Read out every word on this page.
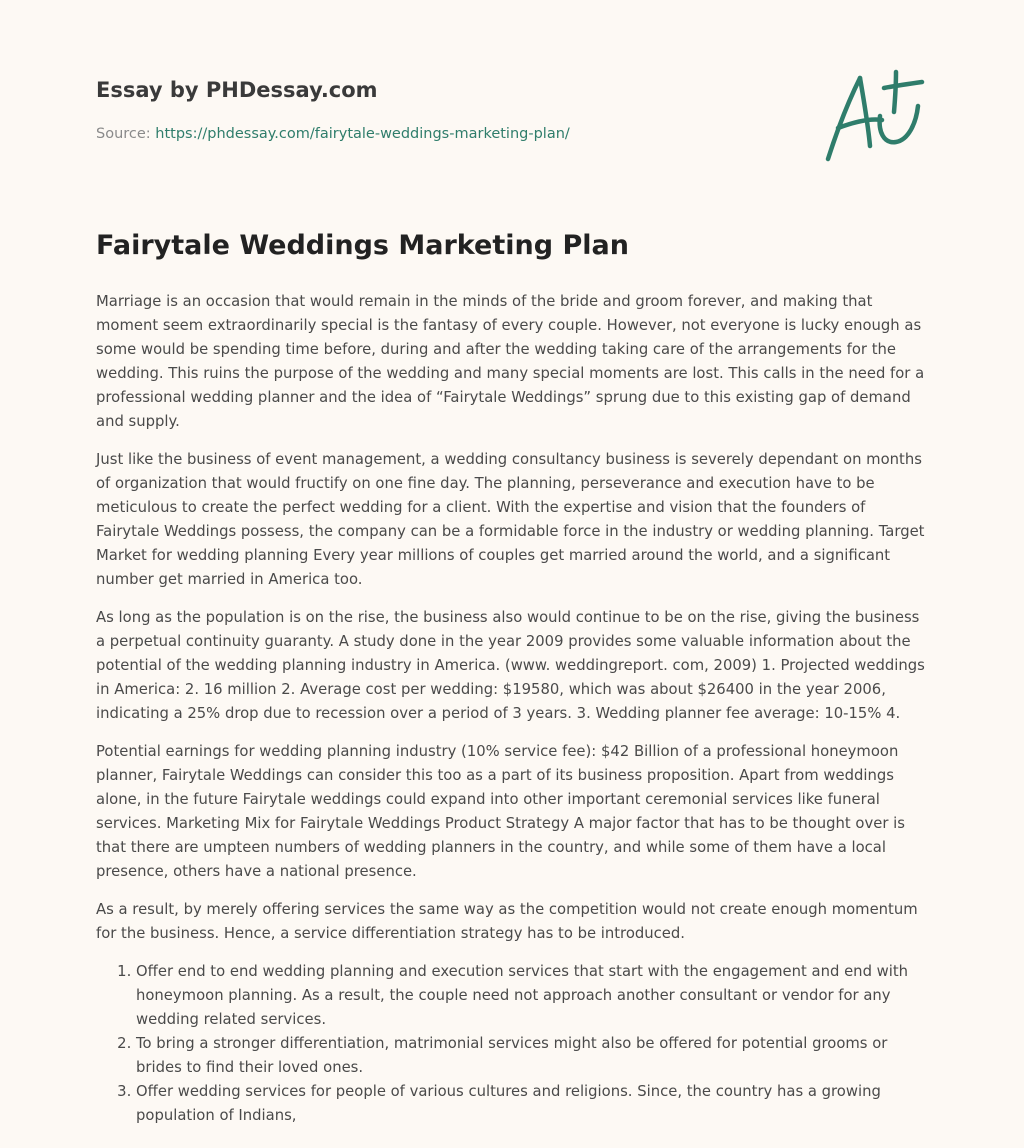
Essay by PHDessay.com
Source: https://phdessay.com/fairytale-weddings-marketing-plan/
Fairytale Weddings Marketing Plan

Marriage is an occasion that would remain in the minds of the bride and groom forever, and making that moment seem extraordinarily special is the fantasy of every couple. However, not everyone is lucky enough as some would be spending time before, during and after the wedding taking care of the arrangements for the wedding. This ruins the purpose of the wedding and many special moments are lost. This calls in the need for a professional wedding planner and the idea of “Fairytale Weddings” sprung due to this existing gap of demand and supply.

Just like the business of event management, a wedding consultancy business is severely dependant on months of organization that would fructify on one fine day. The planning, perseverance and execution have to be meticulous to create the perfect wedding for a client. With the expertise and vision that the founders of Fairytale Weddings possess, the company can be a formidable force in the industry or wedding planning. Target Market for wedding planning Every year millions of couples get married around the world, and a significant number get married in America too.

As long as the population is on the rise, the business also would continue to be on the rise, giving the business a perpetual continuity guaranty. A study done in the year 2009 provides some valuable information about the potential of the wedding planning industry in America. (www. weddingreport. com, 2009) 1. Projected weddings in America: 2. 16 million 2. Average cost per wedding: $19580, which was about $26400 in the year 2006, indicating a 25% drop due to recession over a period of 3 years. 3. Wedding planner fee average: 10-15% 4.

Potential earnings for wedding planning industry (10% service fee): $42 Billion of a professional honeymoon planner, Fairytale Weddings can consider this too as a part of its business proposition. Apart from weddings alone, in the future Fairytale weddings could expand into other important ceremonial services like funeral services. Marketing Mix for Fairytale Weddings Product Strategy A major factor that has to be thought over is that there are umpteen numbers of wedding planners in the country, and while some of them have a local presence, others have a national presence.

As a result, by merely offering services the same way as the competition would not create enough momentum for the business. Hence, a service differentiation strategy has to be introduced.

1. Offer end to end wedding planning and execution services that start with the engagement and end with honeymoon planning. As a result, the couple need not approach another consultant or vendor for any wedding related services.
2. To bring a stronger differentiation, matrimonial services might also be offered for potential grooms or brides to find their loved ones.
3. Offer wedding services for people of various cultures and religions. Since, the country has a growing population of Indians,
